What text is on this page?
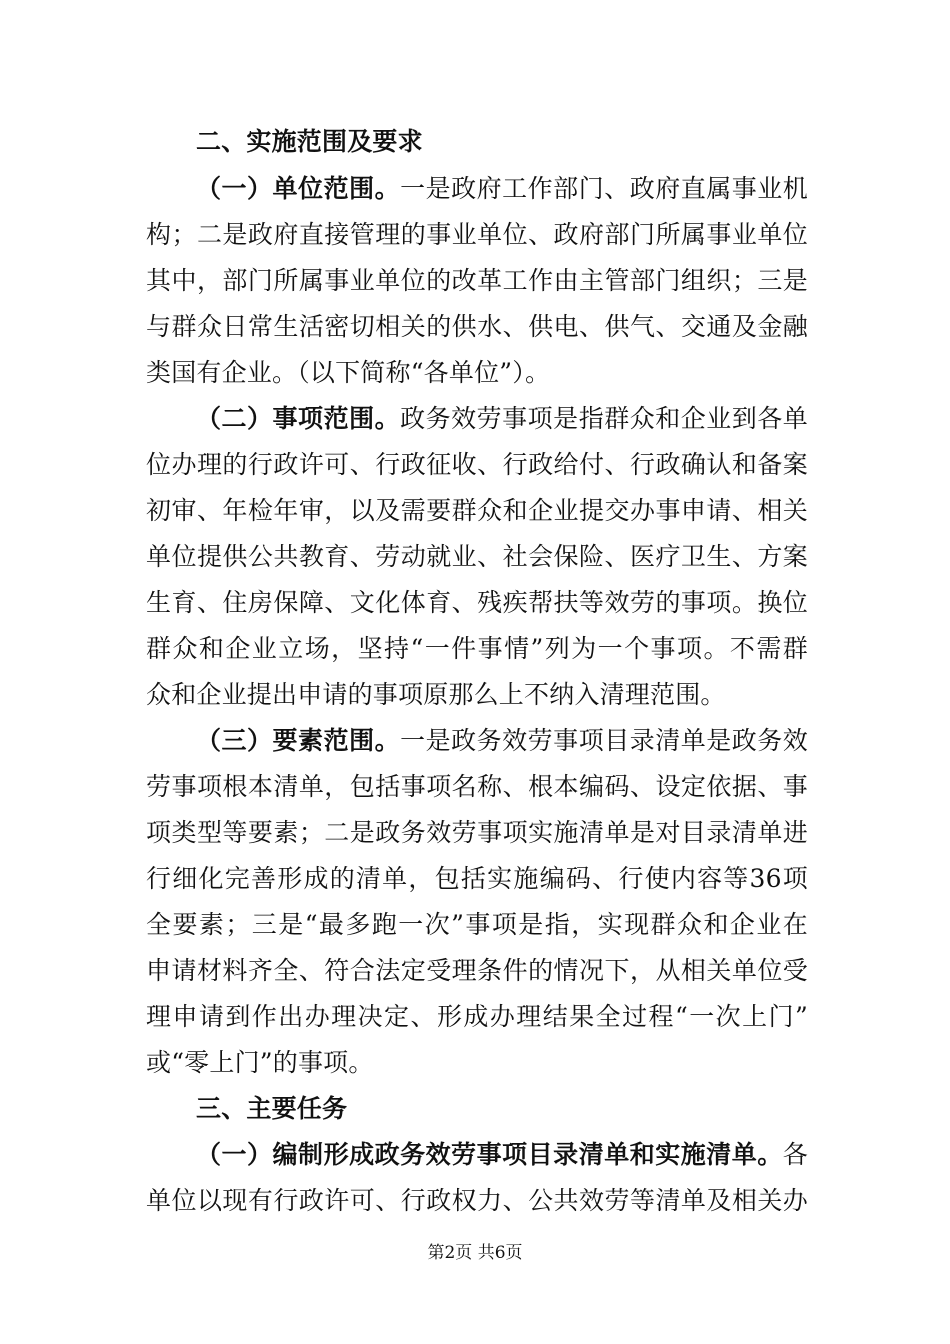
二、实施范围及要求
（一）单位范围。一是政府工作部门、政府直属事业机
构；二是政府直接管理的事业单位、政府部门所属事业单位
其中，部门所属事业单位的改革工作由主管部门组织；三是
与群众日常生活密切相关的供水、供电、供气、交通及金融
类国有企业。（以下简称“各单位”）。
（二）事项范围。政务效劳事项是指群众和企业到各单
位办理的行政许可、行政征收、行政给付、行政确认和备案
初审、年检年审，以及需要群众和企业提交办事申请、相关
单位提供公共教育、劳动就业、社会保险、医疗卫生、方案
生育、住房保障、文化体育、残疾帮扶等效劳的事项。换位
群众和企业立场，坚持“一件事情”列为一个事项。不需群
众和企业提出申请的事项原那么上不纳入清理范围。
（三）要素范围。一是政务效劳事项目录清单是政务效
劳事项根本清单，包括事项名称、根本编码、设定依据、事
项类型等要素；二是政务效劳事项实施清单是对目录清单进
行细化完善形成的清单，包括实施编码、行使内容等36项
全要素；三是“最多跑一次”事项是指，实现群众和企业在
申请材料齐全、符合法定受理条件的情况下，从相关单位受
理申请到作出办理决定、形成办理结果全过程“一次上门”
或“零上门”的事项。
三、主要任务
（一）编制形成政务效劳事项目录清单和实施清单。各
单位以现有行政许可、行政权力、公共效劳等清单及相关办
第2页 共6页
